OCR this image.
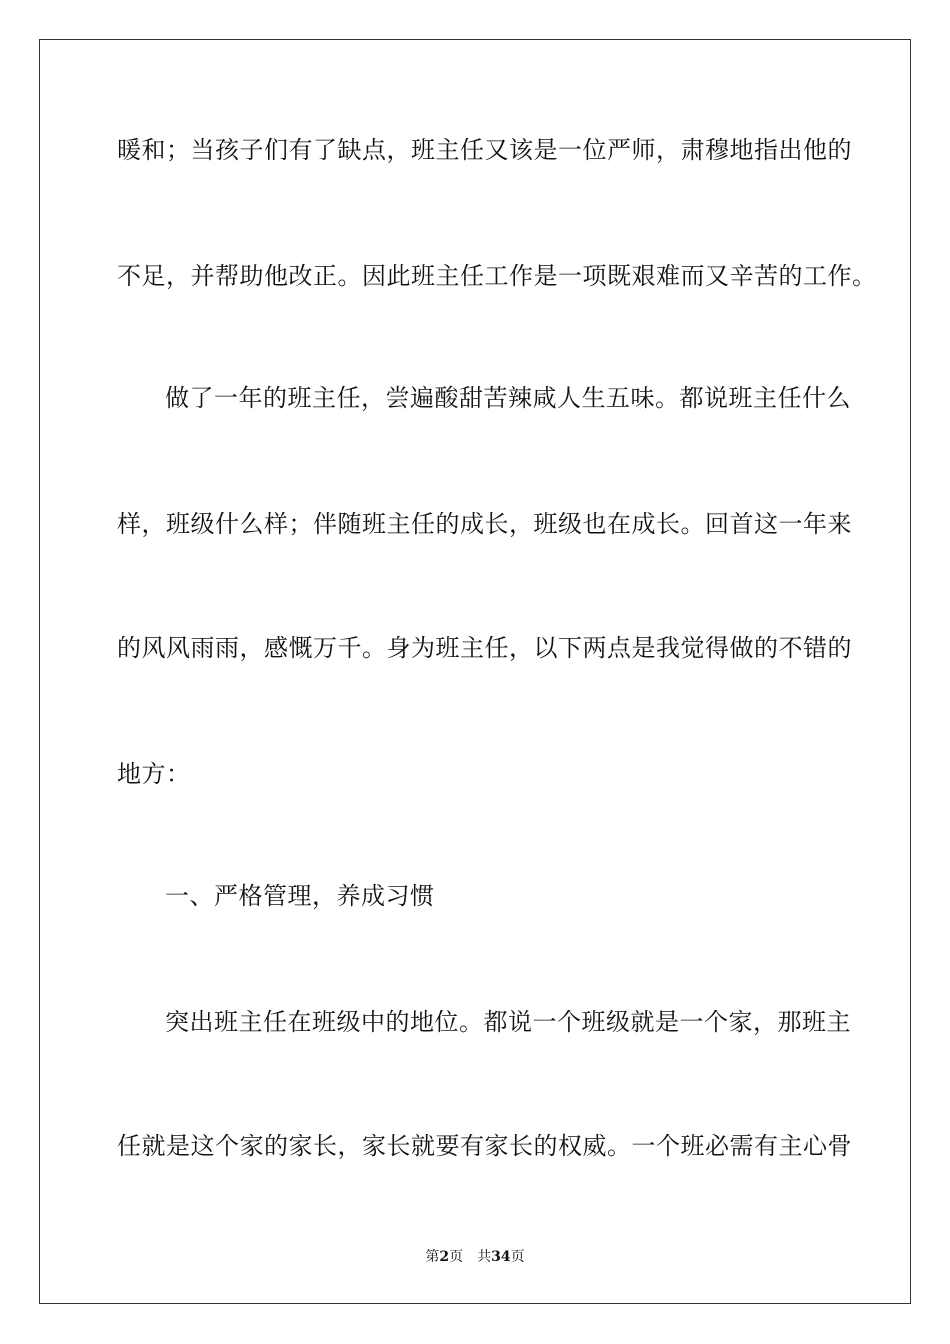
暖和；当孩子们有了缺点，班主任又该是一位严师，肃穆地指出他的
不足，并帮助他改正。因此班主任工作是一项既艰难而又辛苦的工作。
做了一年的班主任，尝遍酸甜苦辣咸人生五味。都说班主任什么
样，班级什么样；伴随班主任的成长，班级也在成长。回首这一年来
的风风雨雨，感慨万千。身为班主任，以下两点是我觉得做的不错的
地方：
一、严格管理，养成习惯
突出班主任在班级中的地位。都说一个班级就是一个家，那班主
任就是这个家的家长，家长就要有家长的权威。一个班必需有主心骨
第2页 共34页
